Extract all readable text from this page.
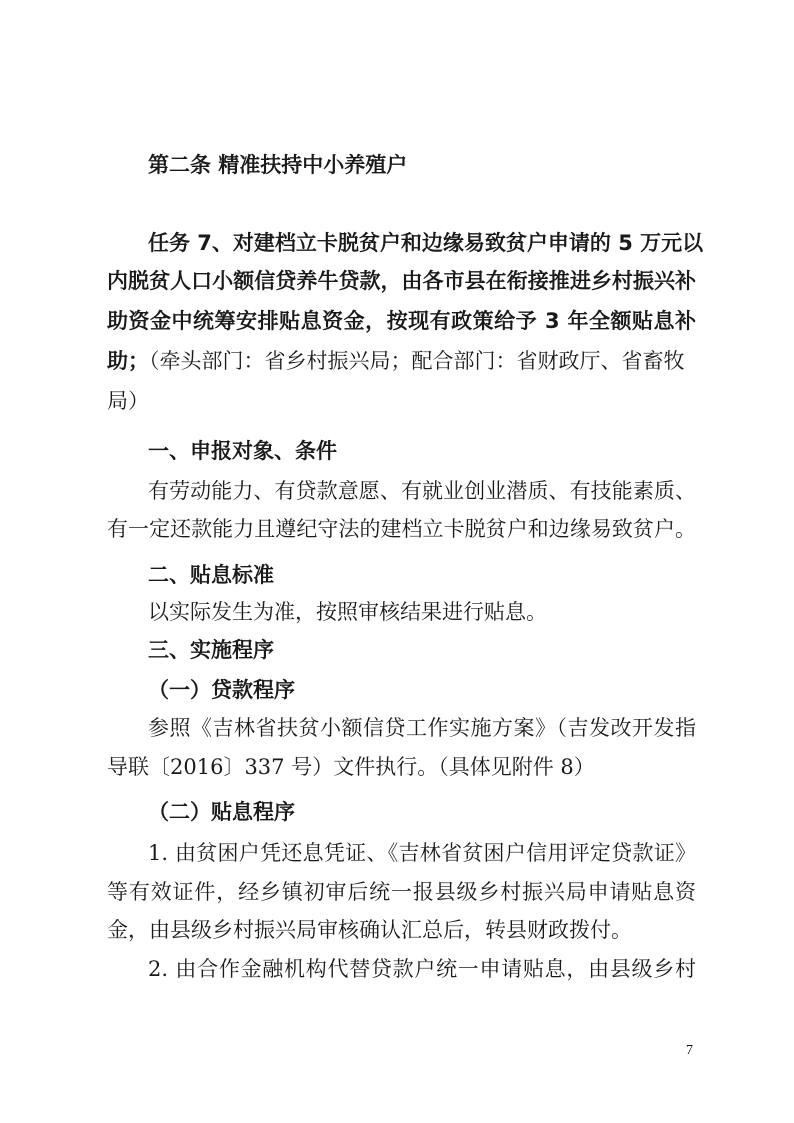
第二条 精准扶持中小养殖户
任务 7、对建档立卡脱贫户和边缘易致贫户申请的 5 万元以
内脱贫人口小额信贷养牛贷款，由各市县在衔接推进乡村振兴补
助资金中统筹安排贴息资金，按现有政策给予 3 年全额贴息补
助；（牵头部门：省乡村振兴局；配合部门：省财政厅、省畜牧
局）
一、申报对象、条件
有劳动能力、有贷款意愿、有就业创业潜质、有技能素质、
有一定还款能力且遵纪守法的建档立卡脱贫户和边缘易致贫户。
二、贴息标准
以实际发生为准，按照审核结果进行贴息。
三、实施程序
（一）贷款程序
参照《吉林省扶贫小额信贷工作实施方案》（吉发改开发指
导联〔2016〕337 号）文件执行。（具体见附件 8）
（二）贴息程序
1. 由贫困户凭还息凭证、《吉林省贫困户信用评定贷款证》
等有效证件，经乡镇初审后统一报县级乡村振兴局申请贴息资
金，由县级乡村振兴局审核确认汇总后，转县财政拨付。
2. 由合作金融机构代替贷款户统一申请贴息，由县级乡村
7
